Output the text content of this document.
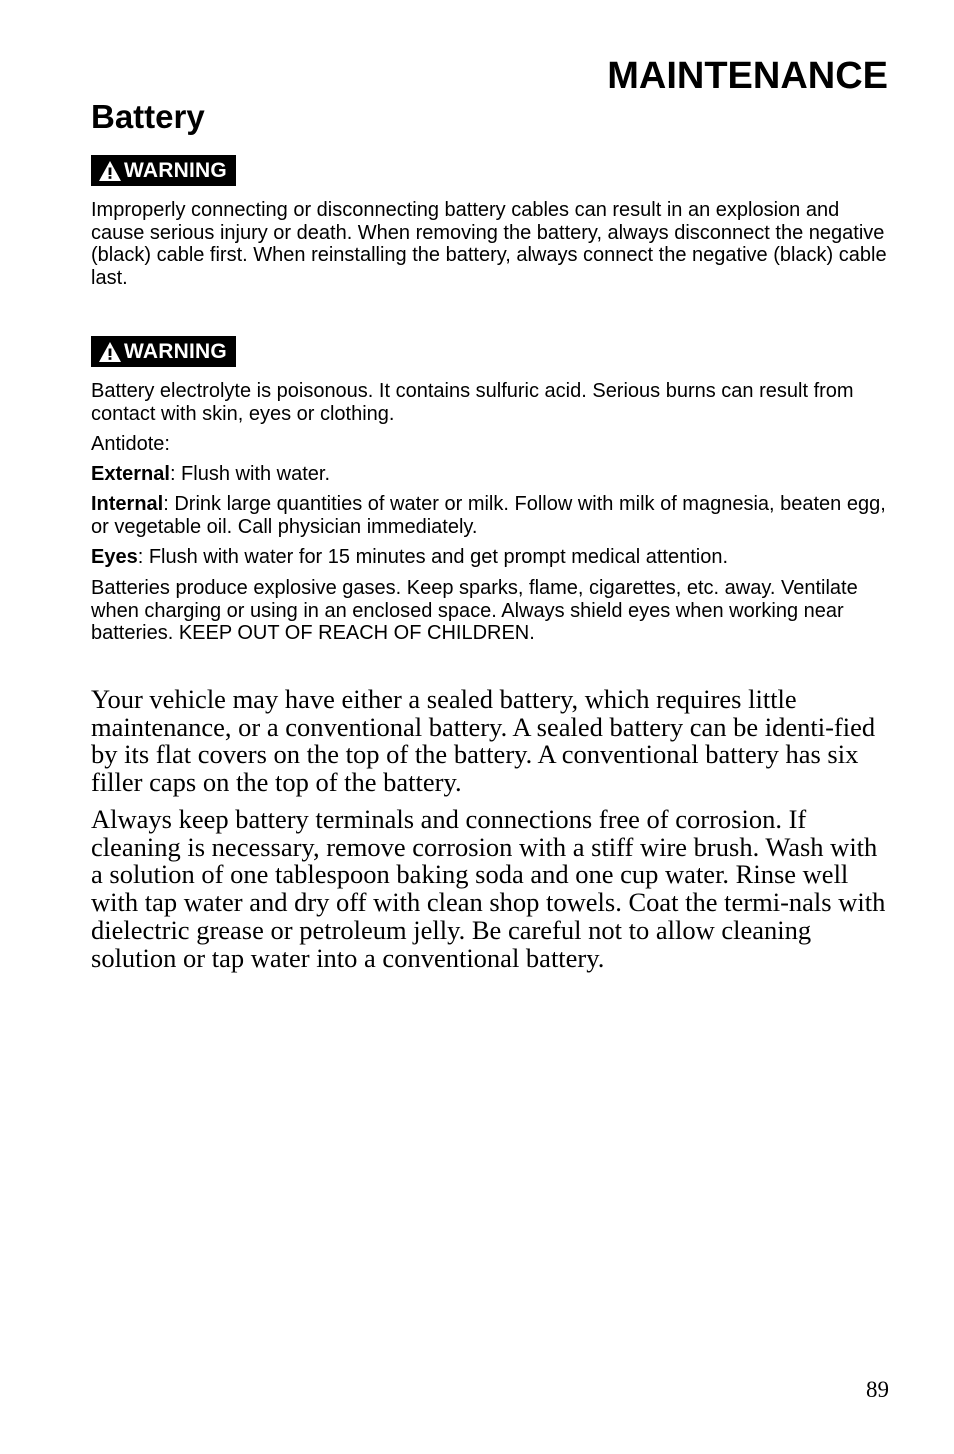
MAINTENANCE
Battery
WARNING

Improperly connecting or disconnecting battery cables can result in an explosion and cause serious injury or death. When removing the battery, always disconnect the negative (black) cable first. When reinstalling the battery, always connect the negative (black) cable last.

WARNING

Battery electrolyte is poisonous. It contains sulfuric acid. Serious burns can result from contact with skin, eyes or clothing.

Antidote:

External: Flush with water.

Internal: Drink large quantities of water or milk. Follow with milk of magnesia, beaten egg, or vegetable oil. Call physician immediately.

Eyes: Flush with water for 15 minutes and get prompt medical attention.

Batteries produce explosive gases. Keep sparks, flame, cigarettes, etc. away. Ventilate when charging or using in an enclosed space. Always shield eyes when working near batteries. KEEP OUT OF REACH OF CHILDREN.

Your vehicle may have either a sealed battery, which requires little maintenance, or a conventional battery. A sealed battery can be identi-fied by its flat covers on the top of the battery. A conventional battery has six filler caps on the top of the battery.

Always keep battery terminals and connections free of corrosion. If cleaning is necessary, remove corrosion with a stiff wire brush. Wash with a solution of one tablespoon baking soda and one cup water. Rinse well with tap water and dry off with clean shop towels. Coat the termi-nals with dielectric grease or petroleum jelly. Be careful not to allow cleaning solution or tap water into a conventional battery.

89
